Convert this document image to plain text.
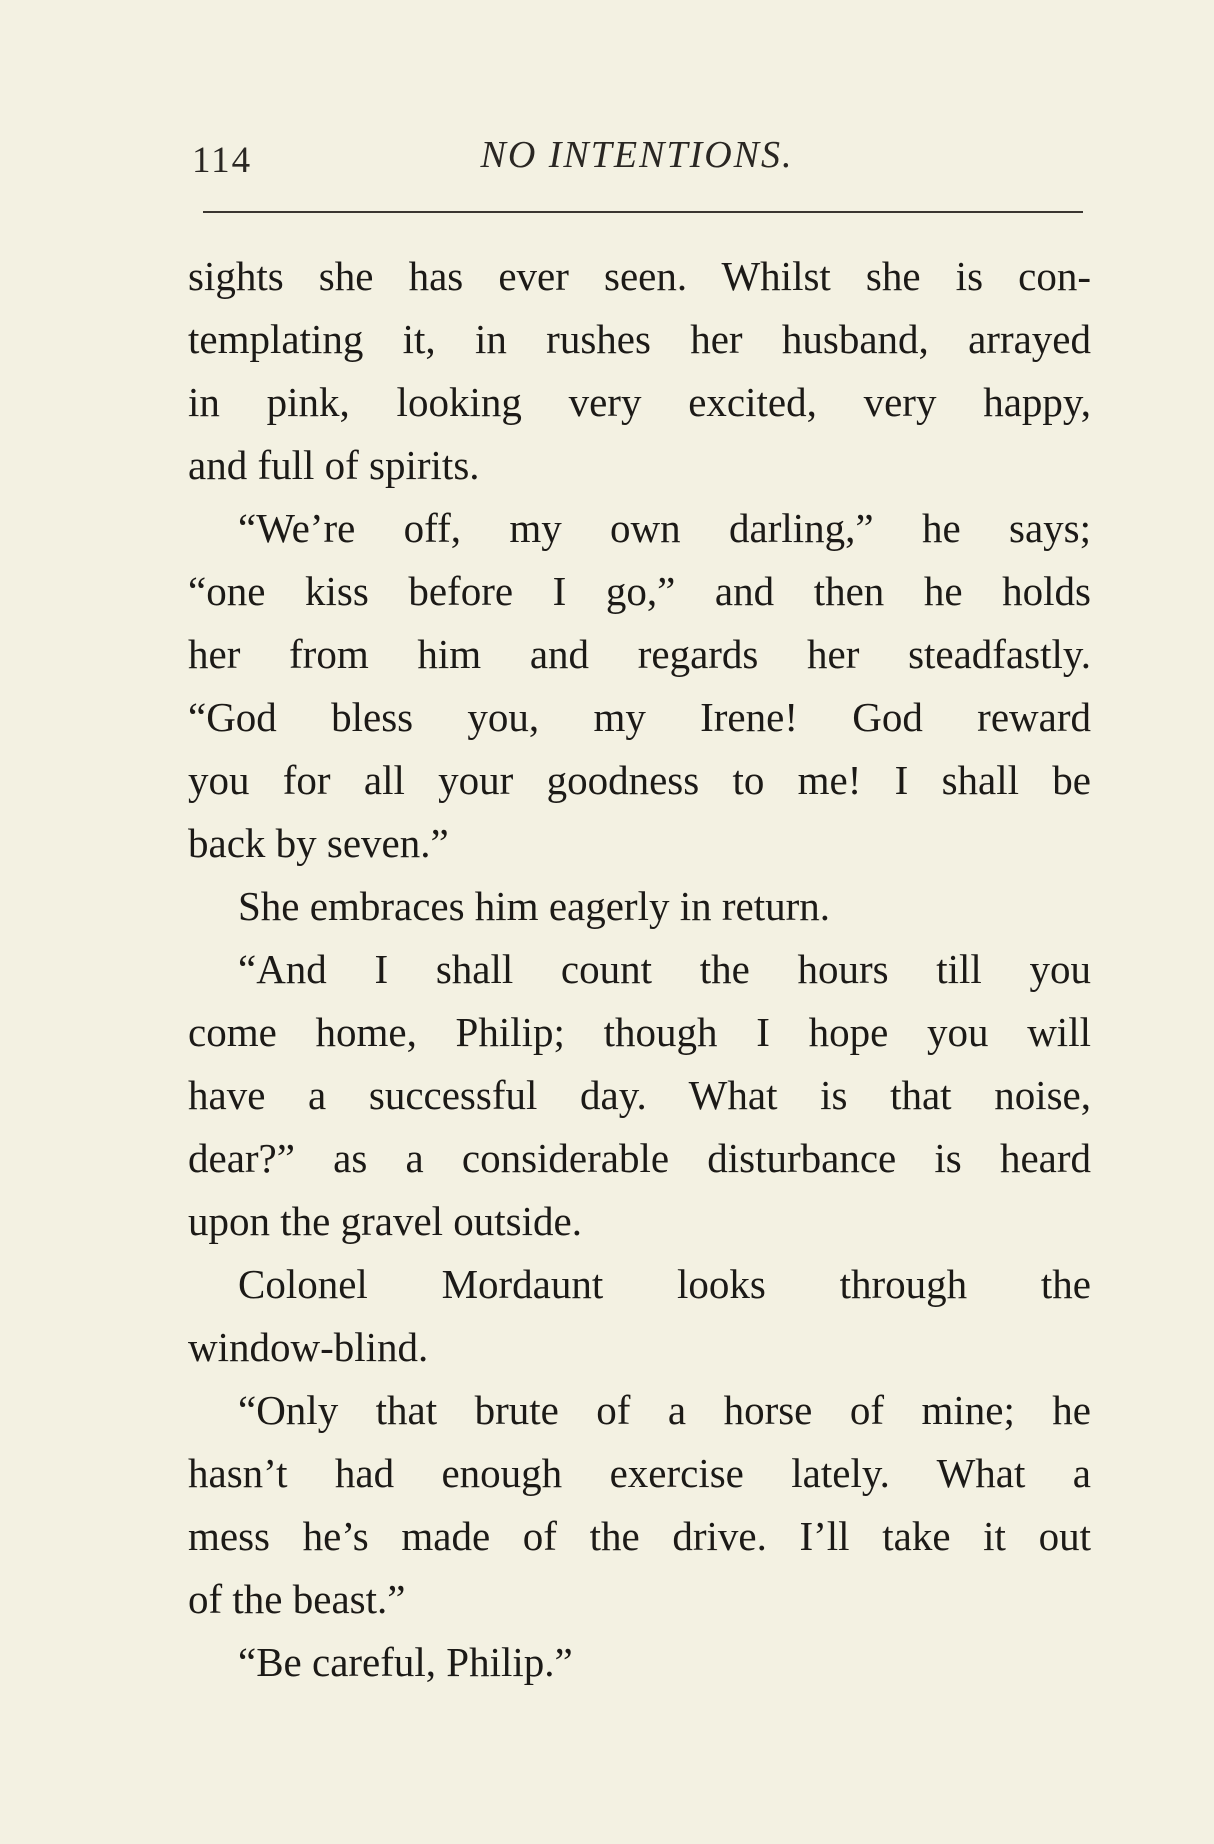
114	NO INTENTIONS.
sights she has ever seen. Whilst she is con-
templating it, in rushes her husband, arrayed
in pink, looking very excited, very happy,
and full of spirits.
“We’re off, my own darling,” he says;
“one kiss before I go,” and then he holds
her from him and regards her steadfastly.
“God bless you, my Irene! God reward
you for all your goodness to me! I shall be
back by seven.”
She embraces him eagerly in return.
“And I shall count the hours till you
come home, Philip; though I hope you will
have a successful day. What is that noise,
dear?” as a considerable disturbance is heard
upon the gravel outside.
Colonel Mordaunt looks through the
window-blind.
“Only that brute of a horse of mine; he
hasn’t had enough exercise lately. What a
mess he’s made of the drive. I’ll take it out
of the beast.”
“Be careful, Philip.”
